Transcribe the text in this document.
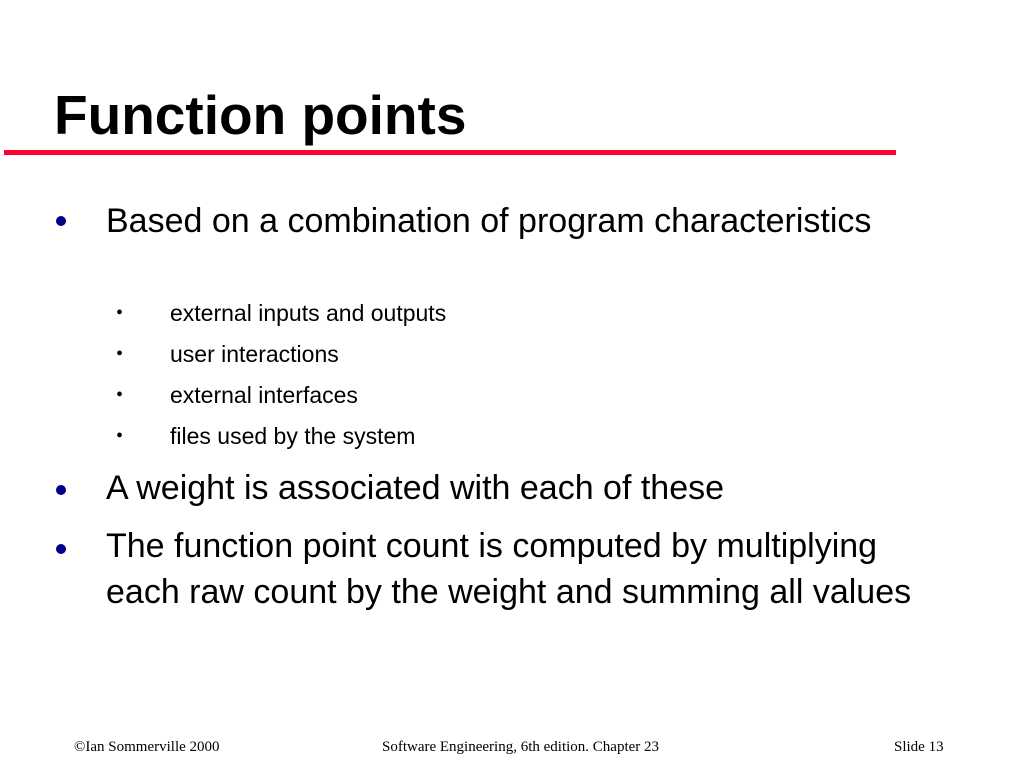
Function points
Based on a combination of program characteristics
• external inputs and outputs
• user interactions
• external interfaces
• files used by the system
A weight is associated with each of these
The function point count is computed by multiplying each raw count by the weight and summing all values
©Ian Sommerville 2000	Software Engineering, 6th edition. Chapter 23	Slide 13
